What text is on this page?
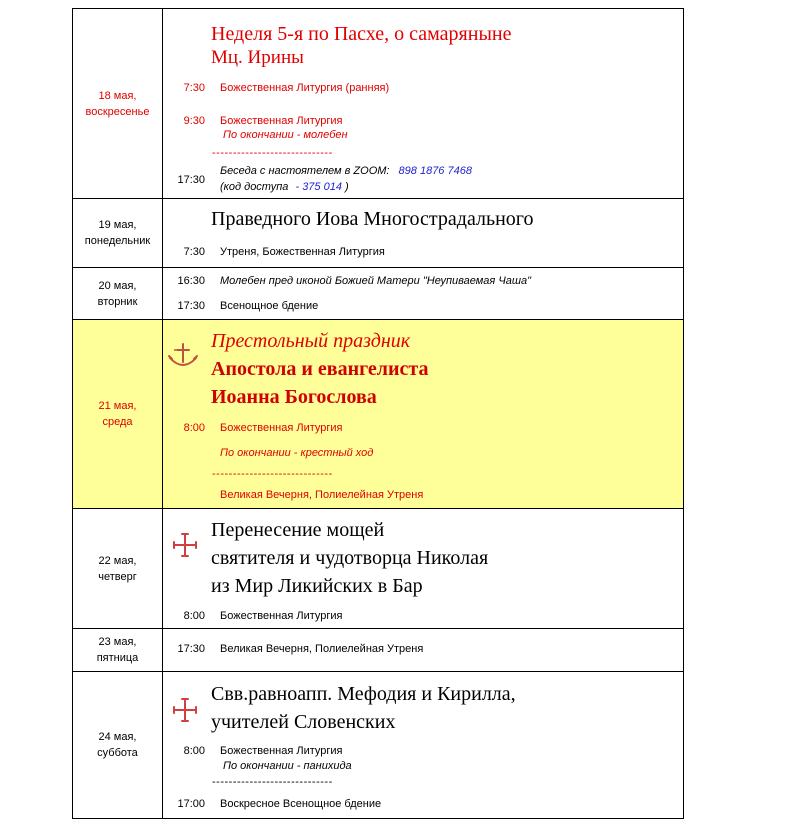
18 мая,
воскресенье
Неделя 5-я по Пасхе, о самаряныне
Мц. Ирины
7:30 Божественная Литургия (ранняя)
9:30 Божественная Литургия
По окончании - молебен
-----------------------------
17:30
Беседа с настоятелем в ZOOM: 898 1876 7468
(код доступа - 375 014 )
19 мая,
понедельник
Праведного Иова Многострадального
7:30 Утреня, Божественная Литургия
20 мая,
вторник
16:30 Молебен пред иконой Божией Матери "Неупиваемая Чаша"
17:30 Всенощное бдение
21 мая,
среда
Престольный праздник
Апостола и евангелиста
Иоанна Богослова
8:00 Божественная Литургия
По окончании - крестный ход
-----------------------------
Великая Вечерня, Полиелейная Утреня
22 мая,
четверг
Перенесение мощей
святителя и чудотворца Николая
из Мир Ликийских в Бар
8:00 Божественная Литургия
23 мая,
пятница
17:30 Великая Вечерня, Полиелейная Утреня
24 мая,
суббота
Свв.равноапп. Мефодия и Кирилла,
учителей Словенских
8:00 Божественная Литургия
По окончании - панихида
-----------------------------
17:00 Воскресное Всенощное бдение
